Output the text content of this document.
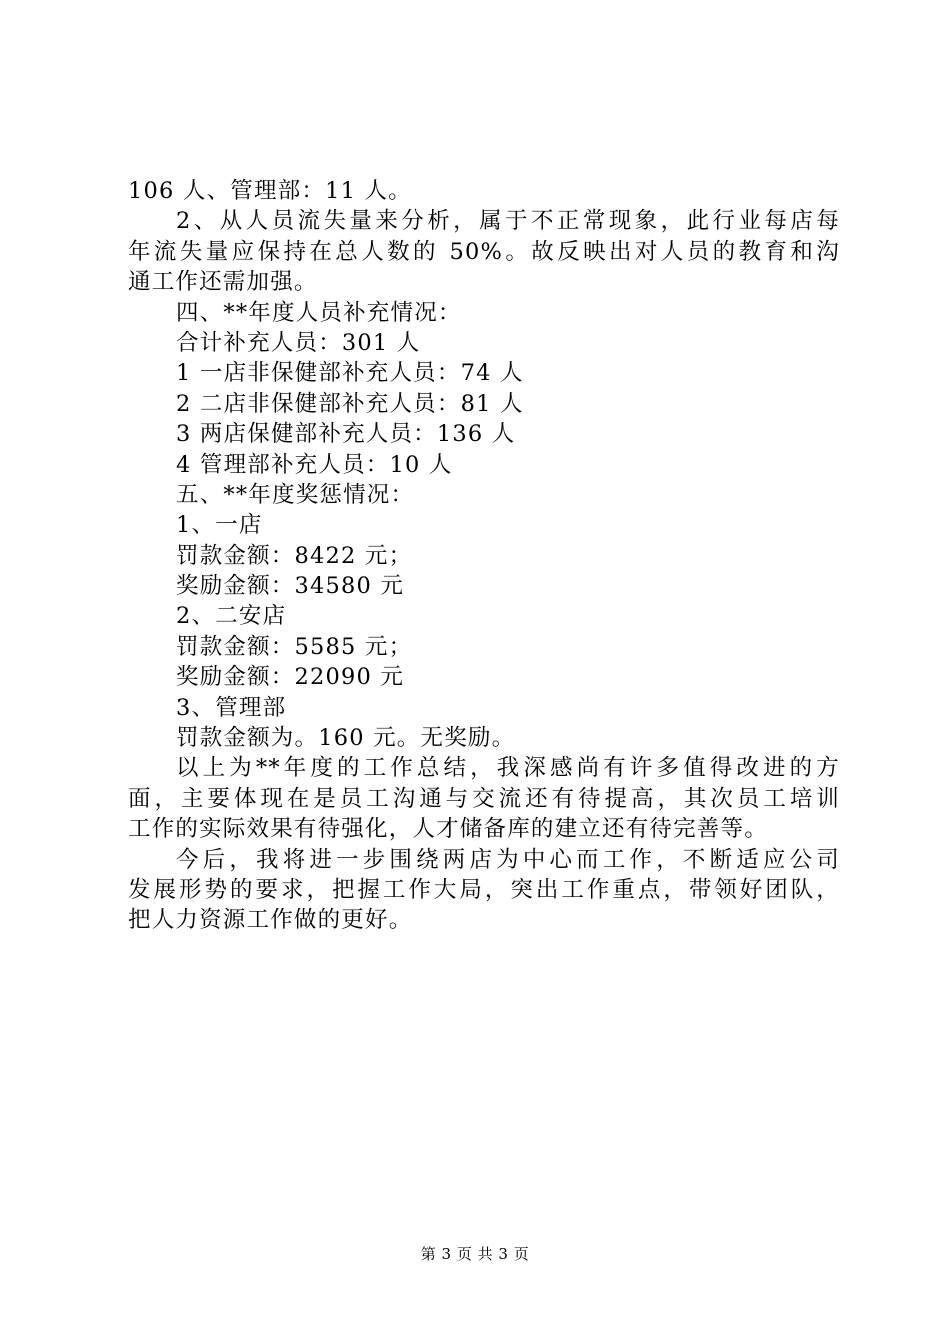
106 人、管理部：11 人。
2、从人员流失量来分析，属于不正常现象，此行业每店每
年流失量应保持在总人数的 50%。故反映出对人员的教育和沟
通工作还需加强。
四、**年度人员补充情况：
合计补充人员：301 人
1 一店非保健部补充人员：74 人
2 二店非保健部补充人员：81 人
3 两店保健部补充人员：136 人
4 管理部补充人员：10 人
五、**年度奖惩情况：
1、一店
罚款金额：8422 元；
奖励金额：34580 元
2、二安店
罚款金额：5585 元；
奖励金额：22090 元
3、管理部
罚款金额为。160 元。无奖励。
以上为**年度的工作总结，我深感尚有许多值得改进的方
面，主要体现在是员工沟通与交流还有待提高，其次员工培训
工作的实际效果有待强化，人才储备库的建立还有待完善等。
今后，我将进一步围绕两店为中心而工作，不断适应公司
发展形势的要求，把握工作大局，突出工作重点，带领好团队，
把人力资源工作做的更好。
第 3 页 共 3 页
